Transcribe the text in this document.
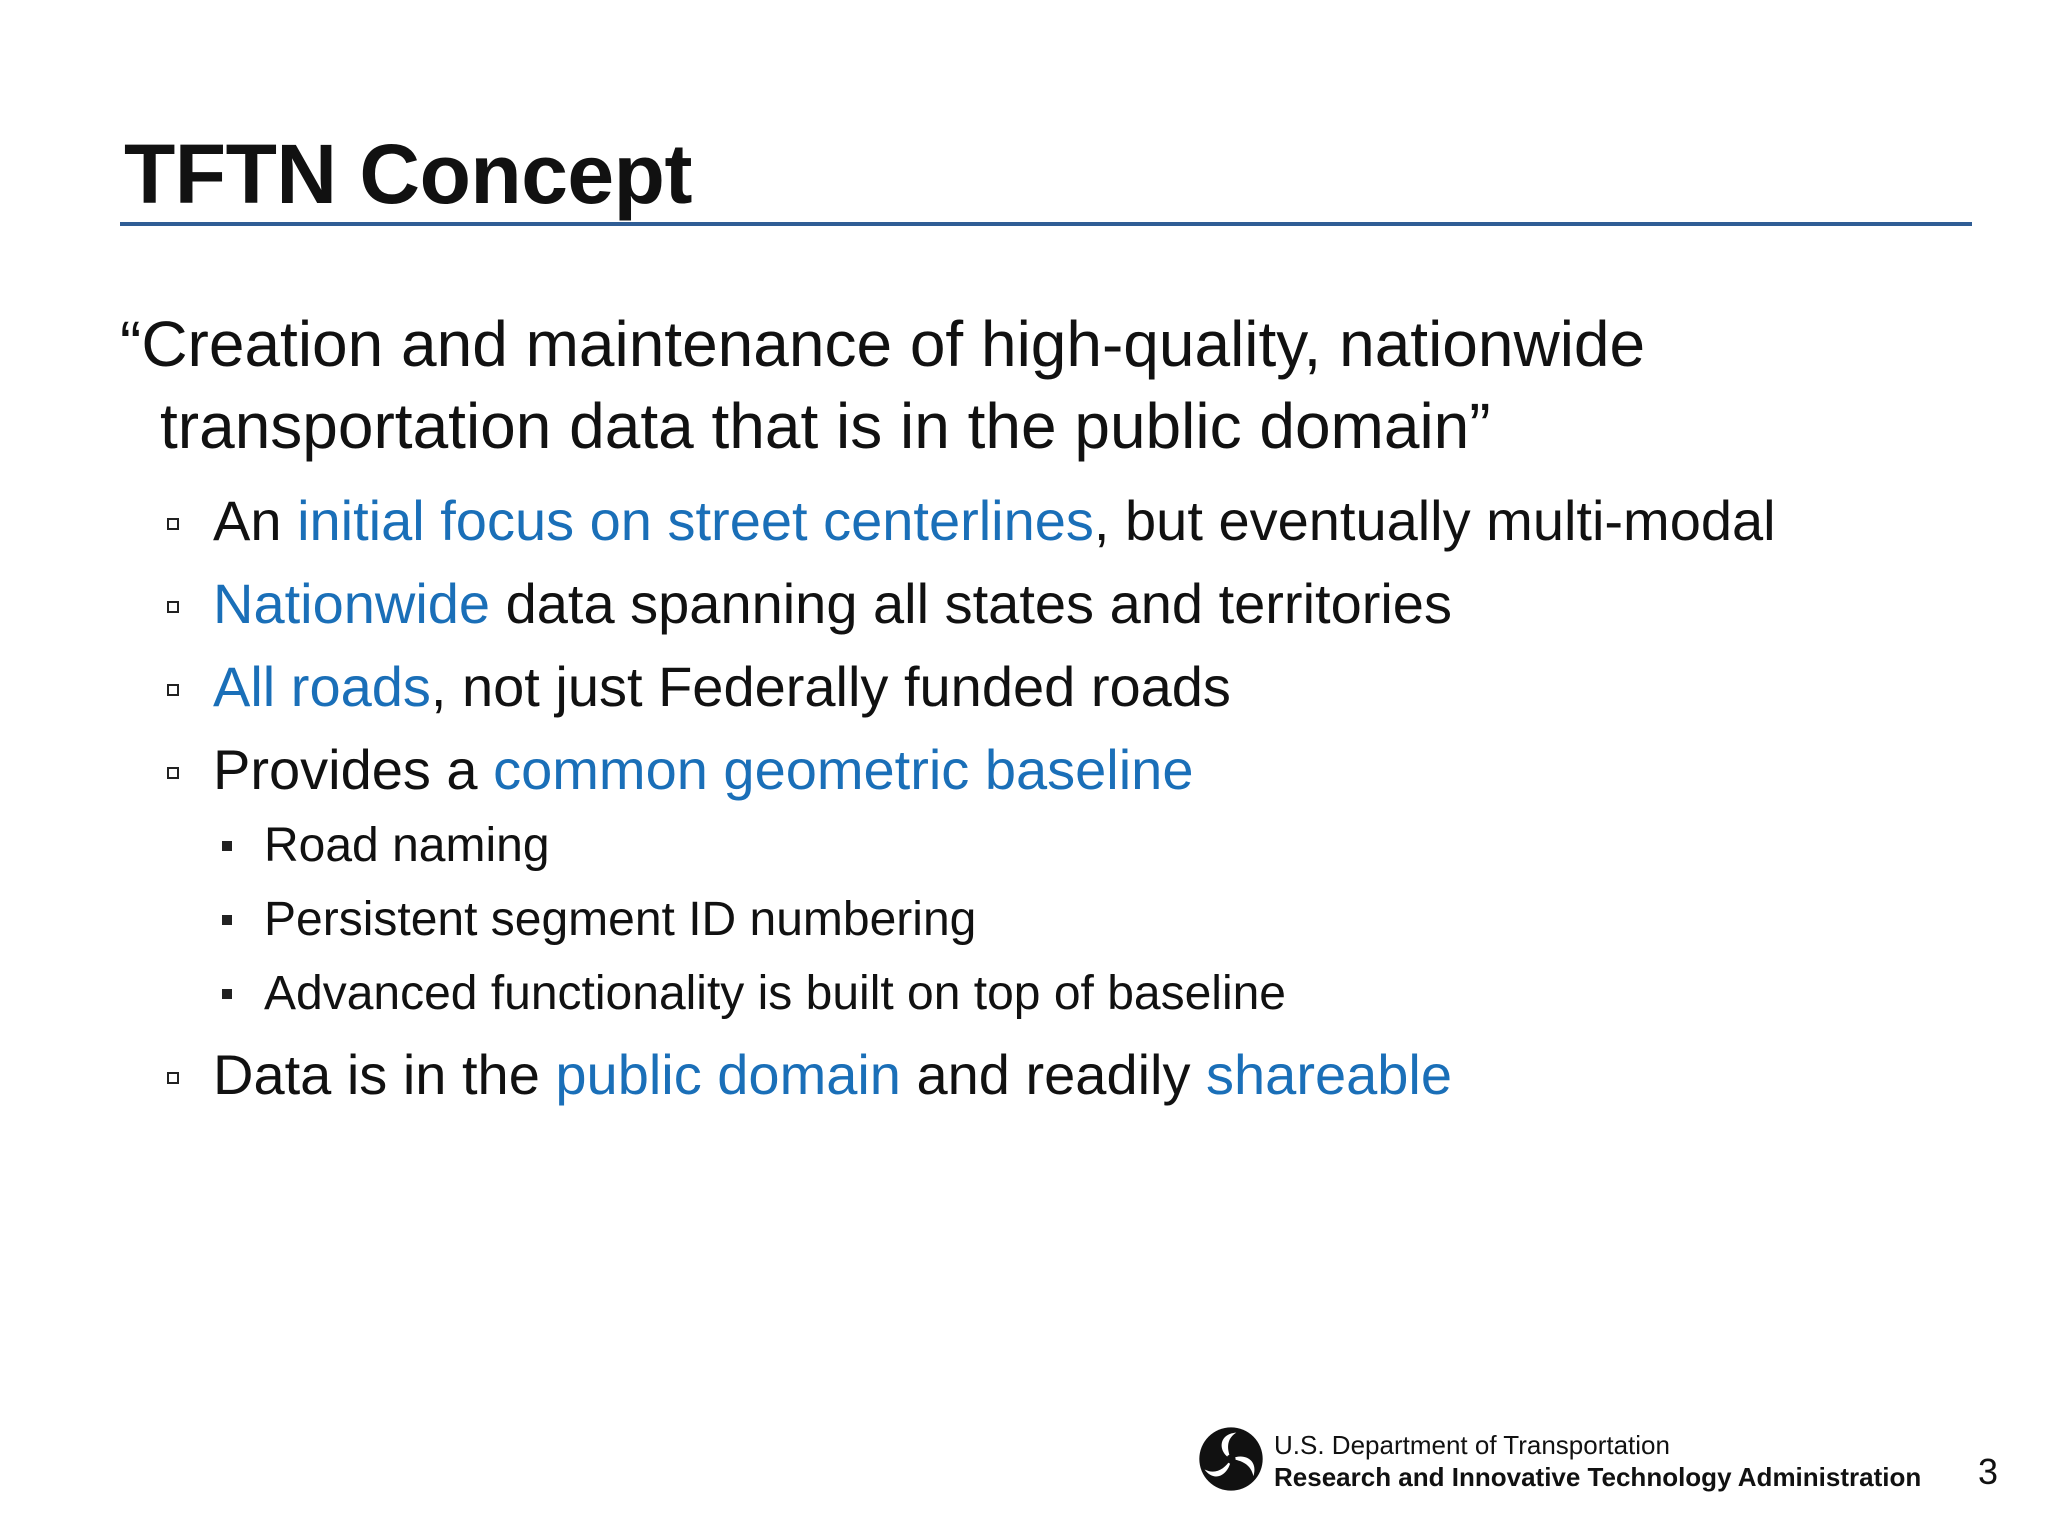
TFTN Concept
“Creation and maintenance of high-quality, nationwide transportation data that is in the public domain”
An initial focus on street centerlines, but eventually multi-modal
Nationwide data spanning all states and territories
All roads, not just Federally funded roads
Provides a common geometric baseline
Road naming
Persistent segment ID numbering
Advanced functionality is built on top of baseline
Data is in the public domain and readily shareable
U.S. Department of Transportation
Research and Innovative Technology Administration 3
